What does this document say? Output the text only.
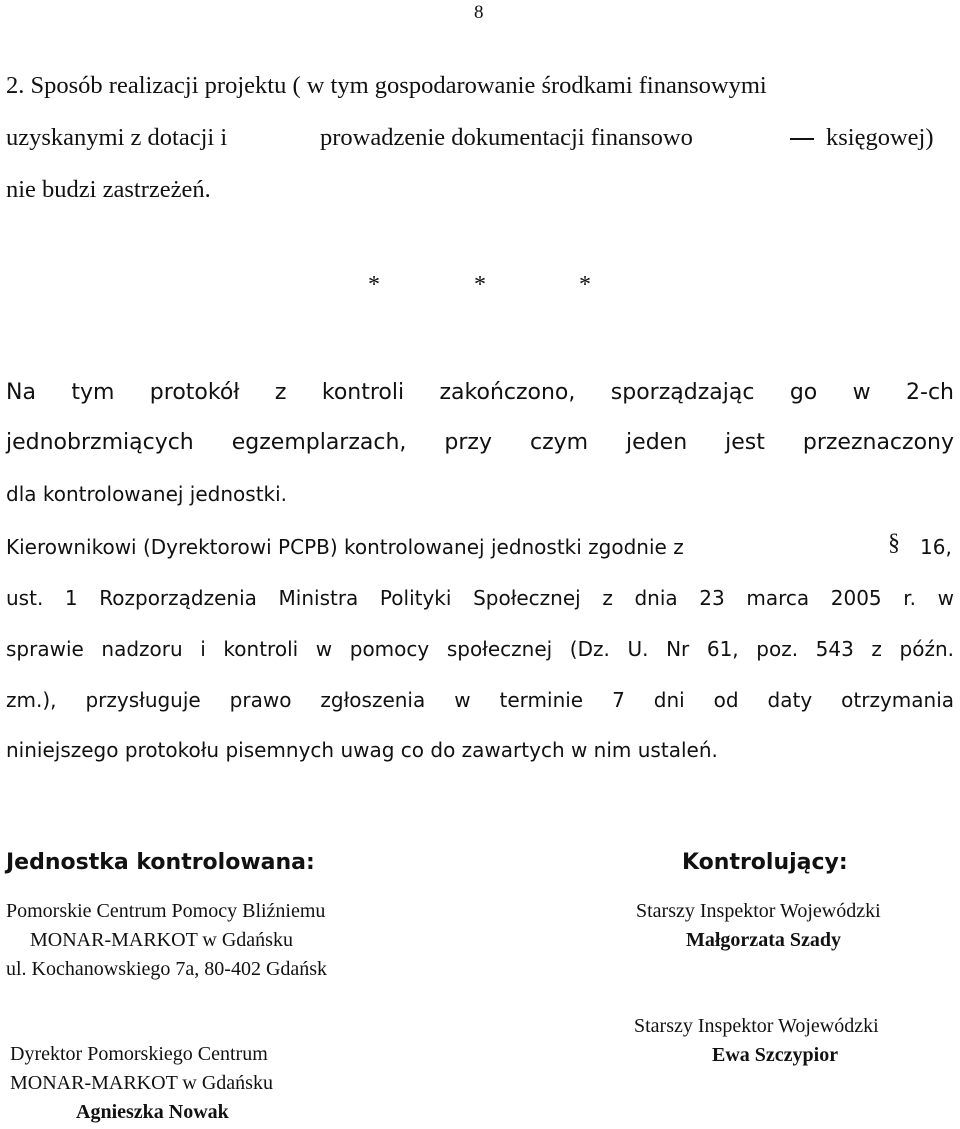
8
2. Sposób realizacji projektu ( w tym gospodarowanie środkami finansowymi
uzyskanymi z dotacji i	prowadzenie dokumentacji finansowo	księgowej)
nie budzi zastrzeżeń.
*	*	*
Na tym protokół z kontroli zakończono, sporządzając go w 2-ch
jednobrzmiących egzemplarzach, przy czym jeden jest przeznaczony
dla kontrolowanej jednostki.
Kierownikowi (Dyrektorowi PCPB) kontrolowanej jednostki zgodnie z	§ 16,
ust. 1 Rozporządzenia Ministra Polityki Społecznej z dnia 23 marca 2005 r. w
sprawie nadzoru i kontroli w pomocy społecznej (Dz. U. Nr 61, poz. 543 z późn.
zm.), przysługuje prawo zgłoszenia w terminie 7 dni od daty otrzymania
niniejszego protokołu pisemnych uwag co do zawartych w nim ustaleń.
Jednostka kontrolowana:
Pomorskie Centrum Pomocy Bliźniemu
MONAR-MARKOT w Gdańsku
ul. Kochanowskiego 7a, 80-402 Gdańsk
Dyrektor Pomorskiego Centrum
MONAR-MARKOT w Gdańsku
Agnieszka Nowak
Kontrolujący:
Starszy Inspektor Wojewódzki
Małgorzata Szady
Starszy Inspektor Wojewódzki
Ewa Szczypior
